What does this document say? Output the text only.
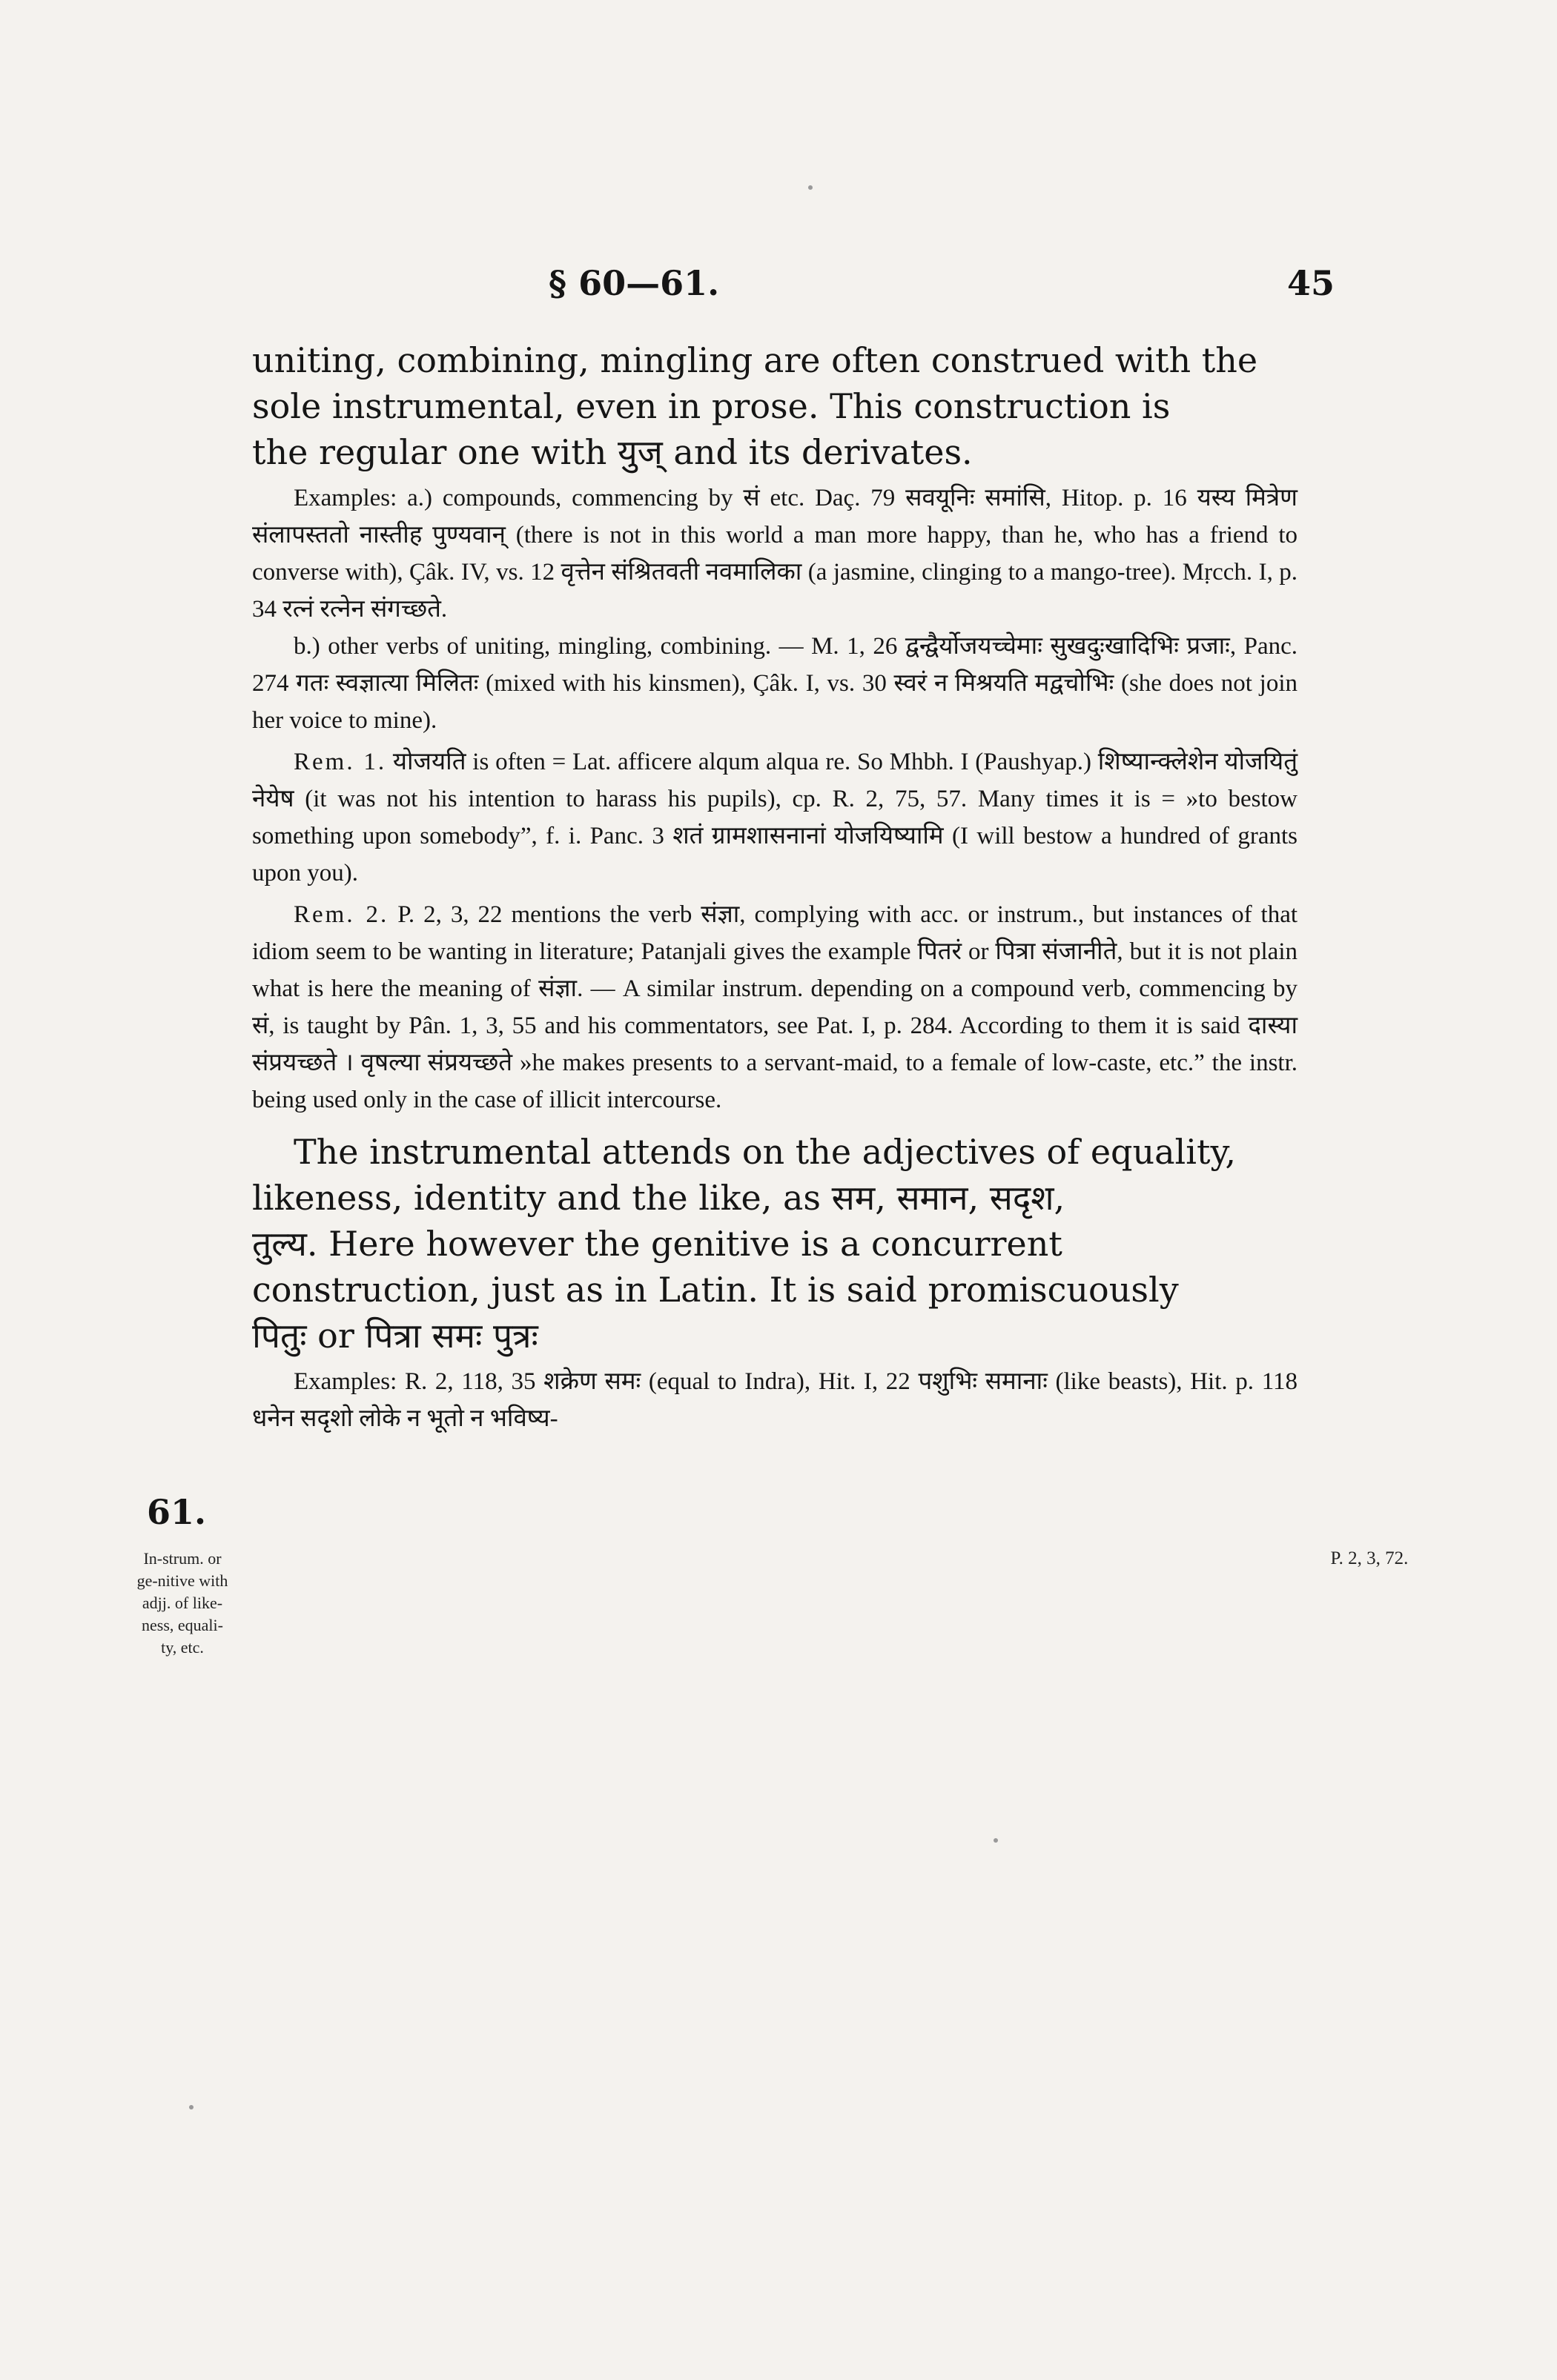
§ 60—61.	45
uniting, combining, mingling are often construed with the
sole instrumental, even in prose. This construction is
the regular one with युज् and its derivates.

Examples: a.) compounds, commencing by सं etc. Daç. 79 सवयूनिः समांसि, Hitop. p. 16 यस्य मित्रेण संलापस्ततो नास्तीह पुण्यवान् (there is not in this world a man more happy, than he, who has a friend to converse with), Çâk. IV, vs. 12 वृत्तेन संश्रितवती नवमालिका (a jasmine, clinging to a mango-tree). Mṛcch. I, p. 34 रत्नं रत्नेन संगच्छते.

b.) other verbs of uniting, mingling, combining. — M. 1, 26 द्वन्द्वैर्योजयच्चेमाः सुखदुःखादिभिः प्रजाः, Panc. 274 गतः स्वज्ञात्या मिलितः (mixed with his kinsmen), Çâk. I, vs. 30 स्वरं न मिश्रयति मद्वचोभिः (she does not join her voice to mine).

Rem. 1. योजयति is often = Lat. afficere alqum alqua re. So Mhbh. I (Paushyap.) शिष्यान्क्लेशेन योजयितुं नेयेष (it was not his intention to harass his pupils), cp. R. 2, 75, 57. Many times it is = »to bestow something upon somebody”, f. i. Panc. 3 शतं ग्रामशासनानां योजयिष्यामि (I will bestow a hundred of grants upon you).

Rem. 2. P. 2, 3, 22 mentions the verb संज्ञा, complying with acc. or instrum., but instances of that idiom seem to be wanting in literature; Patanjali gives the example पितरं or पित्रा संजानीते, but it is not plain what is here the meaning of संज्ञा. — A similar instrum. depending on a compound verb, commencing by सं, is taught by Pân. 1, 3, 55 and his commentators, see Pat. I, p. 284. According to them it is said दास्या संप्रयच्छते । वृषल्या संप्रयच्छते »he makes presents to a servant-maid, to a female of low-caste, etc.” the instr. being used only in the case of illicit intercourse.

The instrumental attends on the adjectives of equality,
likeness, identity and the like, as सम, समान, सदृश,
तुल्य. Here however the genitive is a concurrent
construction, just as in Latin. It is said promiscuously
पितुः or पित्रा समः पुत्रः

Examples: R. 2, 118, 35 शक्रेण समः (equal to Indra), Hit. I, 22 पशुभिः समानाः (like beasts), Hit. p. 118 धनेन सदृशो लोके न भूतो न भविष्य-

61.
In-strum. or ge-nitive with adjj. of like-ness, equali-ty, etc.
P. 2, 3, 72.
